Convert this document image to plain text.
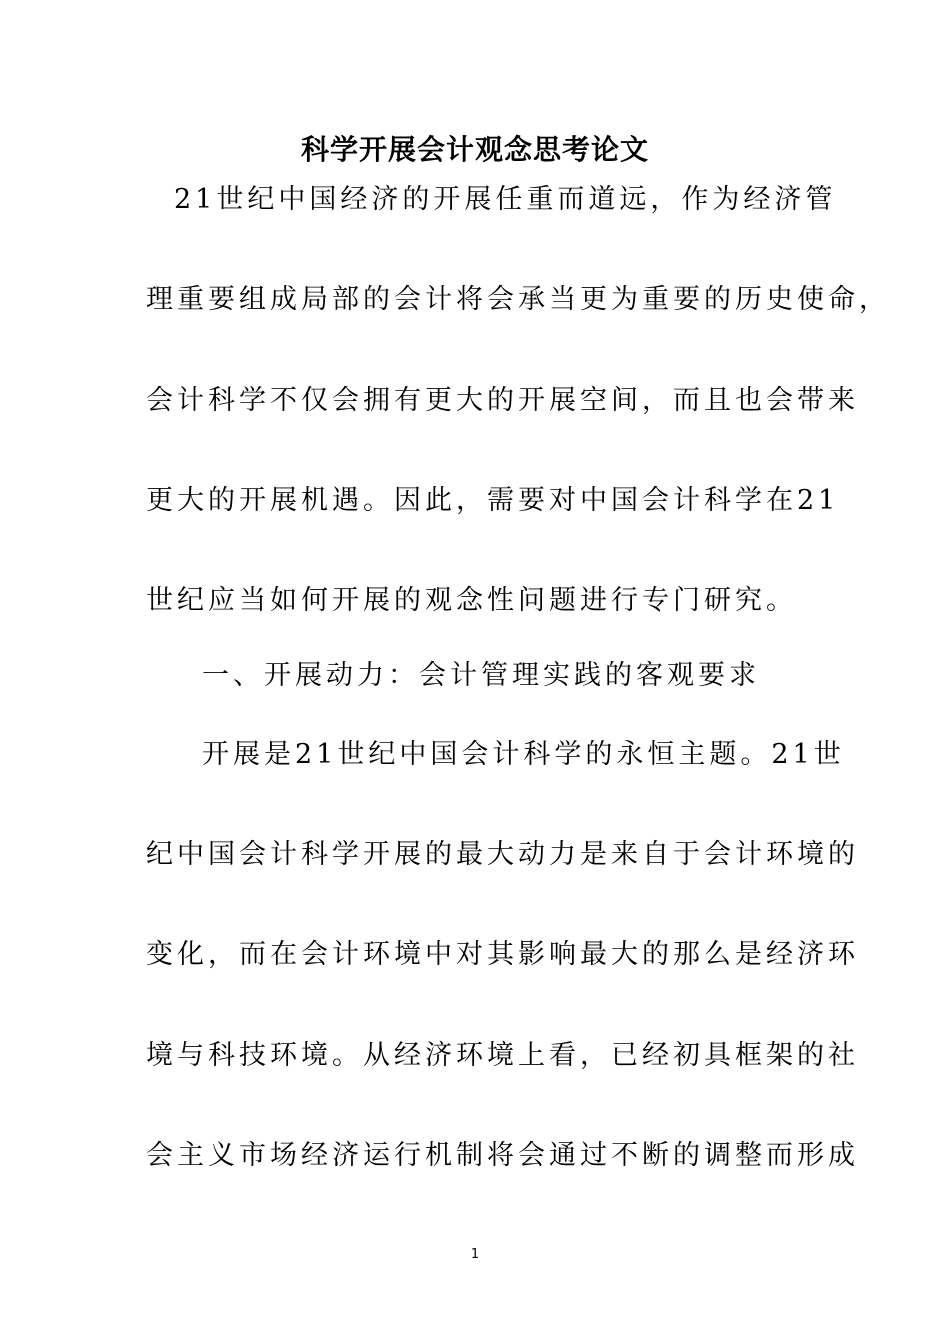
科学开展会计观念思考论文
21世纪中国经济的开展任重而道远，作为经济管
理重要组成局部的会计将会承当更为重要的历史使命，
会计科学不仅会拥有更大的开展空间，而且也会带来
更大的开展机遇。因此，需要对中国会计科学在21
世纪应当如何开展的观念性问题进行专门研究。
一、开展动力：会计管理实践的客观要求
开展是21世纪中国会计科学的永恒主题。21世
纪中国会计科学开展的最大动力是来自于会计环境的
变化，而在会计环境中对其影响最大的那么是经济环
境与科技环境。从经济环境上看，已经初具框架的社
会主义市场经济运行机制将会通过不断的调整而形成
1
